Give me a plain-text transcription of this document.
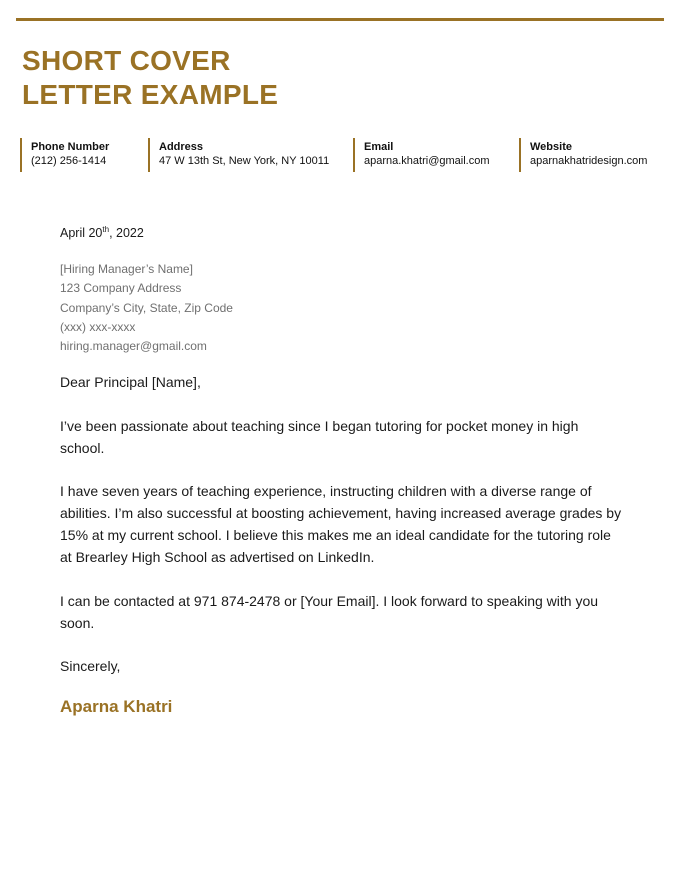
SHORT COVER
LETTER EXAMPLE
Phone Number
(212) 256-1414
Address
47 W 13th St, New York, NY 10011
Email
aparna.khatri@gmail.com
Website
aparnakhatridesign.com
April 20th, 2022
[Hiring Manager’s Name]
123 Company Address
Company’s City, State, Zip Code
(xxx) xxx-xxxx
hiring.manager@gmail.com

Dear Principal [Name],

I’ve been passionate about teaching since I began tutoring for pocket money in high school.

I have seven years of teaching experience, instructing children with a diverse range of abilities. I’m also successful at boosting achievement, having increased average grades by 15% at my current school. I believe this makes me an ideal candidate for the tutoring role at Brearley High School as advertised on LinkedIn.

I can be contacted at 971 874-2478 or [Your Email]. I look forward to speaking with you soon.

Sincerely,

Aparna Khatri
